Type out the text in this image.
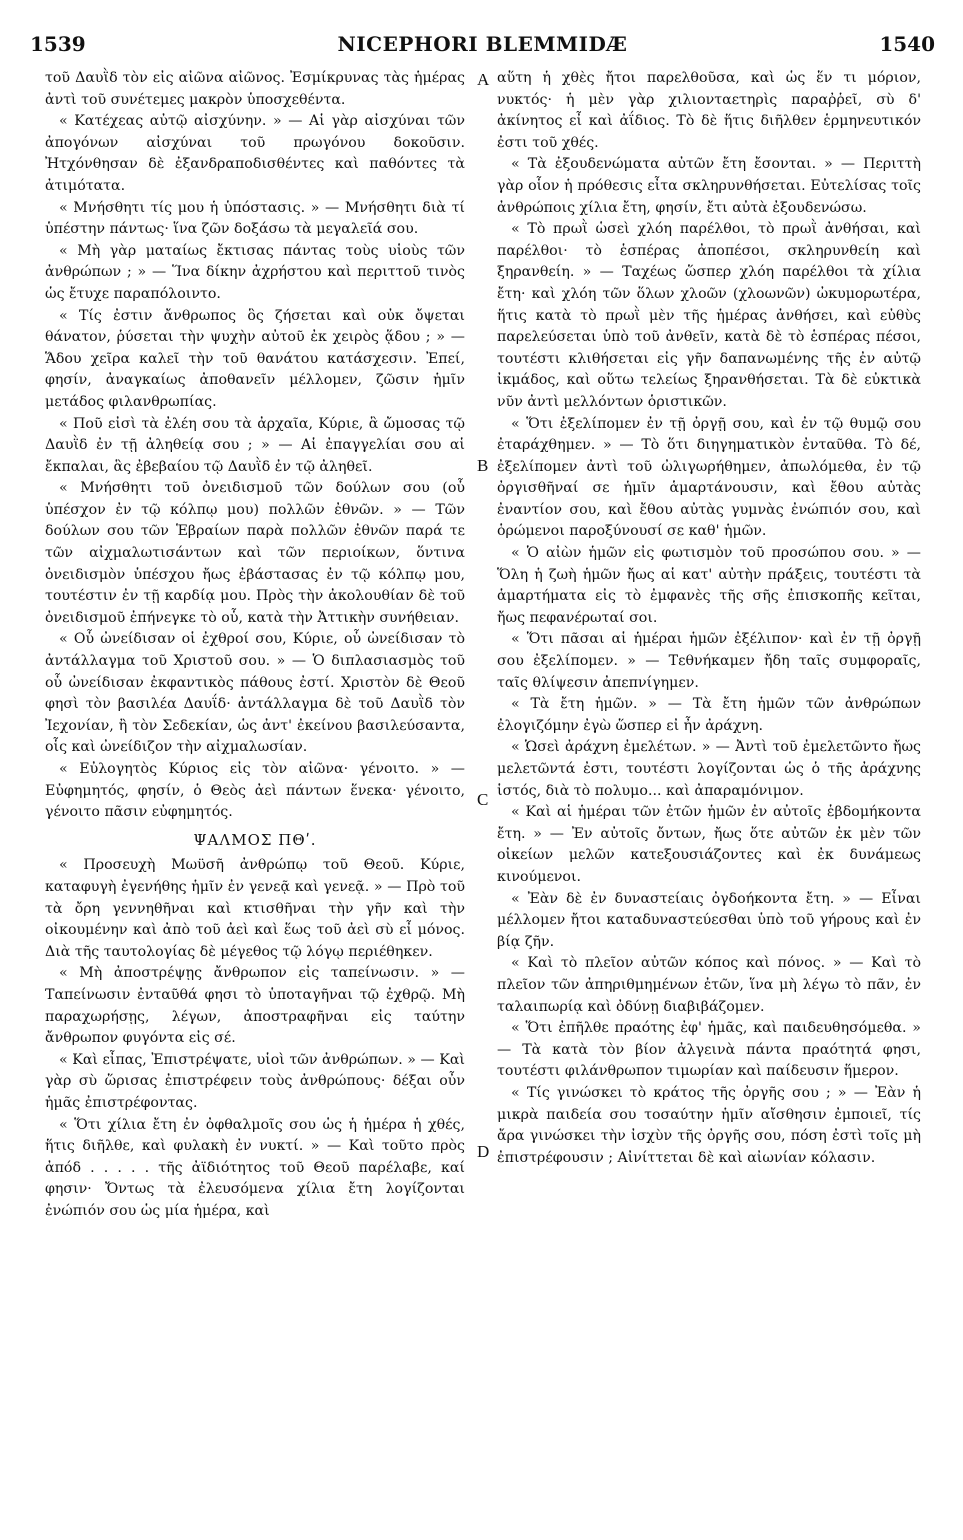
1539	NICEPHORI BLEMMIDÆ	1540
A
B
C
D

τοῦ Δαυῒδ τὸν εἰς αἰῶνα αἰῶνος. Ἐσμίκρυνας τὰς ἡμέρας ἀντὶ τοῦ συνέτεμες μακρὸν ὑποσχεθέντα.

« Κατέχεας αὐτῷ αἰσχύνην. » — Αἱ γὰρ αἰσχύναι τῶν ἀπογόνων αἰσχύναι τοῦ πρωγόνου δοκοῦσιν. Ἠτχόνθησαν δὲ ἐξανδραποδισθέντες καὶ παθόντες τὰ ἀτιμότατα.

« Μνήσθητι τίς μου ἡ ὑπόστασις. » — Μνήσθητι διὰ τί ὑπέστην πάντως· ἵνα ζῶν δοξάσω τὰ μεγαλεῖά σου.

« Μὴ γὰρ ματαίως ἔκτισας πάντας τοὺς υἱοὺς τῶν ἀνθρώπων ; » — Ἵνα δίκην ἀχρήστου καὶ περιττοῦ τινὸς ὡς ἔτυχε παραπόλοιντο.

« Τίς ἐστιν ἄνθρωπος ὃς ζήσεται καὶ οὐκ ὄψεται θάνατον, ῥύσεται τὴν ψυχὴν αὐτοῦ ἐκ χειρὸς ᾅδου ; » — Ἅδου χεῖρα καλεῖ τὴν τοῦ θανάτου κατάσχεσιν. Ἐπεί, φησίν, ἀναγκαίως ἀποθανεῖν μέλλομεν, ζῶσιν ἡμῖν μετάδος φιλανθρωπίας.

« Ποῦ εἰσὶ τὰ ἐλέη σου τὰ ἀρχαῖα, Κύριε, ἃ ὤμοσας τῷ Δαυῒδ ἐν τῇ ἀληθείᾳ σου ; » — Αἱ ἐπαγγελίαι σου αἱ ἔκπαλαι, ἃς ἐβεβαίου τῷ Δαυῒδ ἐν τῷ ἀληθεῖ.

« Μνήσθητι τοῦ ὀνειδισμοῦ τῶν δούλων σου (οὗ ὑπέσχον ἐν τῷ κόλπῳ μου) πολλῶν ἐθνῶν. » — Τῶν δούλων σου τῶν Ἑβραίων παρὰ πολλῶν ἐθνῶν παρά τε τῶν αἰχμαλωτισάντων καὶ τῶν περιοίκων, ὅντινα ὀνειδισμὸν ὑπέσχου ἤως ἐβάστασας ἐν τῷ κόλπῳ μου, τουτέστιν ἐν τῇ καρδίᾳ μου. Πρὸς τὴν ἀκολουθίαν δὲ τοῦ ὀνειδισμοῦ ἐπήνεγκε τὸ οὗ, κατὰ τὴν Ἀττικὴν συνήθειαν.

« Οὗ ὠνείδισαν οἱ ἐχθροί σου, Κύριε, οὗ ὠνείδισαν τὸ ἀντάλλαγμα τοῦ Χριστοῦ σου. » — Ὁ διπλασιασμὸς τοῦ οὗ ὠνείδισαν ἐκφαντικὸς πάθους ἐστί. Χριστὸν δὲ Θεοῦ φησὶ τὸν βασιλέα Δαυΐδ· ἀντάλλαγμα δὲ τοῦ Δαυῒδ τὸν Ἰεχονίαν, ἢ τὸν Σεδεκίαν, ὡς ἀντ' ἐκείνου βασιλεύσαντα, οἷς καὶ ὠνείδιζον τὴν αἰχμαλωσίαν.

« Εὐλογητὸς Κύριος εἰς τὸν αἰῶνα· γένοιτο. » — Εὐφημητός, φησίν, ὁ Θεὸς ἀεὶ πάντων ἕνεκα· γένοιτο, γένοιτο πᾶσιν εὐφημητός.

ΨΑΛΜΟΣ ΠΘʹ.

« Προσευχὴ Μωϋσῆ ἀνθρώπῳ τοῦ Θεοῦ. Κύριε, καταφυγὴ ἐγενήθης ἡμῖν ἐν γενεᾷ καὶ γενεᾷ. » — Πρὸ τοῦ τὰ ὄρη γεννηθῆναι καὶ κτισθῆναι τὴν γῆν καὶ τὴν οἰκουμένην καὶ ἀπὸ τοῦ ἀεὶ καὶ ἕως τοῦ ἀεὶ σὺ εἶ μόνος. Διὰ τῆς ταυτολογίας δὲ μέγεθος τῷ λόγῳ περιέθηκεν.

« Μὴ ἀποστρέψῃς ἄνθρωπον εἰς ταπείνωσιν. » — Ταπείνωσιν ἐνταῦθά φησι τὸ ὑποταγῆναι τῷ ἐχθρῷ. Μὴ παραχωρήσῃς, λέγων, ἀποστραφῆναι εἰς ταύτην ἄνθρωπον φυγόντα εἰς σέ.

« Καὶ εἶπας, Ἐπιστρέψατε, υἱοὶ τῶν ἀνθρώπων. » — Καὶ γὰρ σὺ ὥρισας ἐπιστρέφειν τοὺς ἀνθρώπους· δέξαι οὖν ἡμᾶς ἐπιστρέφοντας.

« Ὅτι χίλια ἔτη ἐν ὀφθαλμοῖς σου ὡς ἡ ἡμέρα ἡ χθές, ἥτις διῆλθε, καὶ φυλακὴ ἐν νυκτί. » — Καὶ τοῦτο πρὸς ἀπόδ . . . . . τῆς ἀϊδιότητος τοῦ Θεοῦ παρέλαβε, καί φησιν· Ὄντως τὰ ἐλευσόμενα χίλια ἔτη λογίζονται ἐνώπιόν σου ὡς μία ἡμέρα, καὶ

αὕτη ἡ χθὲς ἤτοι παρελθοῦσα, καὶ ὡς ἕν τι μόριον, νυκτός· ἡ μὲν γὰρ χιλιονταετηρὶς παραῤῥεῖ, σὺ δ' ἀκίνητος εἶ καὶ ἀΐδιος. Τὸ δὲ ἥτις διῆλθεν ἑρμηνευτικόν ἐστι τοῦ χθές.

« Τὰ ἐξουδενώματα αὐτῶν ἔτη ἔσονται. » — Περιττὴ γὰρ οἷον ἡ πρόθεσις εἶτα σκληρυνθήσεται. Εὐτελίσας τοῖς ἀνθρώποις χίλια ἔτη, φησίν, ἔτι αὐτὰ ἐξουδενώσω.

« Τὸ πρωῒ ὡσεὶ χλόη παρέλθοι, τὸ πρωῒ ἀνθήσαι, καὶ παρέλθοι· τὸ ἑσπέρας ἀποπέσοι, σκληρυνθείη καὶ ξηρανθείη. » — Ταχέως ὥσπερ χλόη παρέλθοι τὰ χίλια ἔτη· καὶ χλόη τῶν ὅλων χλοῶν (χλοωνῶν) ὠκυμορωτέρα, ἥτις κατὰ τὸ πρωῒ μὲν τῆς ἡμέρας ἀνθήσει, καὶ εὐθὺς παρελεύσεται ὑπὸ τοῦ ἀνθεῖν, κατὰ δὲ τὸ ἑσπέρας πέσοι, τουτέστι κλιθήσεται εἰς γῆν δαπανωμένης τῆς ἐν αὐτῷ ἰκμάδος, καὶ οὕτω τελείως ξηρανθήσεται. Τὰ δὲ εὐκτικὰ νῦν ἀντὶ μελλόντων ὁριστικῶν.

« Ὅτι ἐξελίπομεν ἐν τῇ ὀργῇ σου, καὶ ἐν τῷ θυμῷ σου ἐταράχθημεν. » — Τὸ ὅτι διηγηματικὸν ἐνταῦθα. Τὸ δέ, ἐξελίπομεν ἀντὶ τοῦ ὠλιγωρήθημεν, ἀπωλόμεθα, ἐν τῷ ὀργισθῆναί σε ἡμῖν ἁμαρτάνουσιν, καὶ ἔθου αὐτὰς ἐναντίον σου, καὶ ἔθου αὐτὰς γυμνὰς ἐνώπιόν σου, καὶ ὁρώμενοι παροξύνουσί σε καθ' ἡμῶν.

« Ὁ αἰὼν ἡμῶν εἰς φωτισμὸν τοῦ προσώπου σου. » — Ὅλη ἡ ζωὴ ἡμῶν ἤως αἱ κατ' αὐτὴν πράξεις, τουτέστι τὰ ἁμαρτήματα εἰς τὸ ἐμφανὲς τῆς σῆς ἐπισκοπῆς κεῖται, ἤως πεφανέρωταί σοι.

« Ὅτι πᾶσαι αἱ ἡμέραι ἡμῶν ἐξέλιπον· καὶ ἐν τῇ ὀργῇ σου ἐξελίπομεν. » — Τεθνήκαμεν ἤδη ταῖς συμφοραῖς, ταῖς θλίψεσιν ἀπεπνίγημεν.

« Τὰ ἔτη ἡμῶν. » — Τὰ ἔτη ἡμῶν τῶν ἀνθρώπων ἐλογιζόμην ἐγὼ ὥσπερ εἰ ἦν ἀράχνη.

« Ὡσεὶ ἀράχνη ἐμελέτων. » — Ἀντὶ τοῦ ἐμελετῶντο ἤως μελετῶντά ἐστι, τουτέστι λογίζονται ὡς ὁ τῆς ἀράχνης ἱστός, διὰ τὸ πολυμο... καὶ ἀπαραμόνιμον.

« Καὶ αἱ ἡμέραι τῶν ἐτῶν ἡμῶν ἐν αὐτοῖς ἑβδομήκοντα ἔτη. » — Ἐν αὐτοῖς ὄντων, ἤως ὅτε αὐτῶν ἐκ μὲν τῶν οἰκείων μελῶν κατεξουσιάζοντες καὶ ἐκ δυνάμεως κινούμενοι.

« Ἐὰν δὲ ἐν δυναστείαις ὀγδοήκοντα ἔτη. » — Εἶναι μέλλομεν ἤτοι καταδυναστεύεσθαι ὑπὸ τοῦ γήρους καὶ ἐν βίᾳ ζῆν.

« Καὶ τὸ πλεῖον αὐτῶν κόπος καὶ πόνος. » — Καὶ τὸ πλεῖον τῶν ἀπηριθμημένων ἐτῶν, ἵνα μὴ λέγω τὸ πᾶν, ἐν ταλαιπωρίᾳ καὶ ὀδύνῃ διαβιβάζομεν.

« Ὅτι ἐπῆλθε πραότης ἐφ' ἡμᾶς, καὶ παιδευθησόμεθα. » — Τὰ κατὰ τὸν βίον ἀλγεινὰ πάντα πραότητά φησι, τουτέστι φιλάνθρωπον τιμωρίαν καὶ παίδευσιν ἥμερον.

« Τίς γινώσκει τὸ κράτος τῆς ὀργῆς σου ; » — Ἐὰν ἡ μικρὰ παιδεία σου τοσαύτην ἡμῖν αἴσθησιν ἐμποιεῖ, τίς ἄρα γινώσκει τὴν ἰσχὺν τῆς ὀργῆς σου, πόση ἐστὶ τοῖς μὴ ἐπιστρέφουσιν ; Αἰνίττεται δὲ καὶ αἰωνίαν κόλασιν.
